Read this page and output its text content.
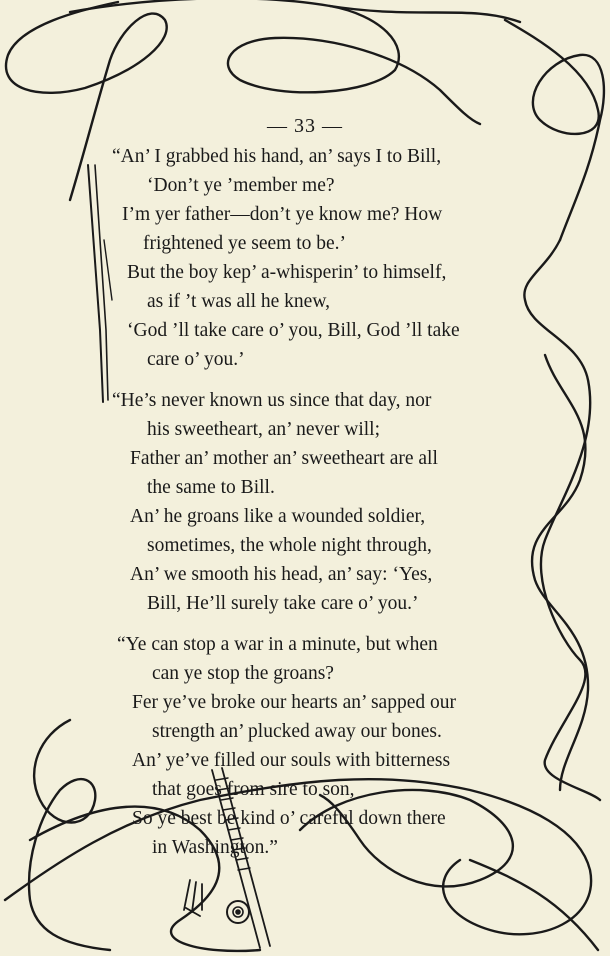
— 33 —
“An’ I grabbed his hand, an’ says I to Bill,
‘Don’t ye ’member me?
I’m yer father—don’t ye know me? How
frightened ye seem to be.’
But the boy kep’ a-whisperin’ to himself,
as if ’t was all he knew,
‘God ’ll take care o’ you, Bill, God ’ll take
care o’ you.’
“He’s never known us since that day, nor
his sweetheart, an’ never will;
Father an’ mother an’ sweetheart are all
the same to Bill.
An’ he groans like a wounded soldier,
sometimes, the whole night through,
An’ we smooth his head, an’ say: ‘Yes,
Bill, He’ll surely take care o’ you.’
“Ye can stop a war in a minute, but when
can ye stop the groans?
Fer ye’ve broke our hearts an’ sapped our
strength an’ plucked away our bones.
An’ ye’ve filled our souls with bitterness
that goes from sire to son,
So ye best be kind o’ careful down there
in Washington.”
